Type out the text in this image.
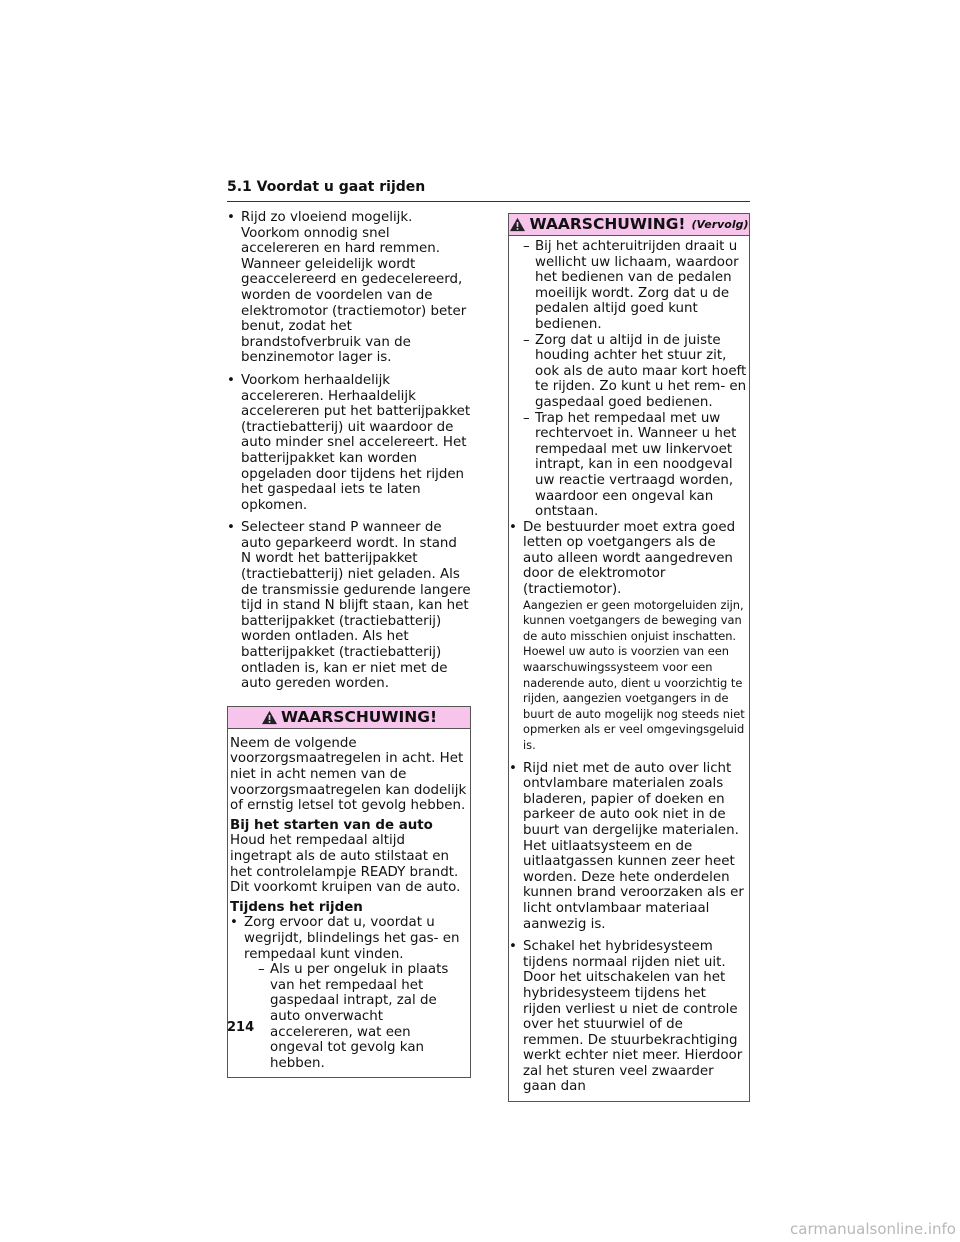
5.1 Voordat u gaat rijden
• Rijd zo vloeiend mogelijk. Voorkom onnodig snel accelereren en hard remmen. Wanneer geleidelijk wordt geaccelereerd en gedecelereerd, worden de voordelen van de elektromotor (tractiemotor) beter benut, zodat het brandstofverbruik van de benzinemotor lager is.
• Voorkom herhaaldelijk accelereren. Herhaaldelijk accelereren put het batterijpakket (tractiebatterij) uit waardoor de auto minder snel accelereert. Het batterijpakket kan worden opgeladen door tijdens het rijden het gaspedaal iets te laten opkomen.
• Selecteer stand P wanneer de auto geparkeerd wordt. In stand N wordt het batterijpakket (tractiebatterij) niet geladen. Als de transmissie gedurende langere tijd in stand N blijft staan, kan het batterijpakket (tractiebatterij) worden ontladen. Als het batterijpakket (tractiebatterij) ontladen is, kan er niet met de auto gereden worden.
WAARSCHUWING!
Neem de volgende voorzorgsmaatregelen in acht. Het niet in acht nemen van de voorzorgsmaatregelen kan dodelijk of ernstig letsel tot gevolg hebben.
Bij het starten van de auto
Houd het rempedaal altijd ingetrapt als de auto stilstaat en het controlelampje READY brandt. Dit voorkomt kruipen van de auto.
Tijdens het rijden
• Zorg ervoor dat u, voordat u wegrijdt, blindelings het gas- en rempedaal kunt vinden.
– Als u per ongeluk in plaats van het rempedaal het gaspedaal intrapt, zal de auto onverwacht accelereren, wat een ongeval tot gevolg kan hebben.
WAARSCHUWING! (Vervolg)
– Bij het achteruitrijden draait u wellicht uw lichaam, waardoor het bedienen van de pedalen moeilijk wordt. Zorg dat u de pedalen altijd goed kunt bedienen.
– Zorg dat u altijd in de juiste houding achter het stuur zit, ook als de auto maar kort hoeft te rijden. Zo kunt u het rem- en gaspedaal goed bedienen.
– Trap het rempedaal met uw rechtervoet in. Wanneer u het rempedaal met uw linkervoet intrapt, kan in een noodgeval uw reactie vertraagd worden, waardoor een ongeval kan ontstaan.
• De bestuurder moet extra goed letten op voetgangers als de auto alleen wordt aangedreven door de elektromotor (tractiemotor).
Aangezien er geen motorgeluiden zijn, kunnen voetgangers de beweging van de auto misschien onjuist inschatten. Hoewel uw auto is voorzien van een waarschuwingssysteem voor een naderende auto, dient u voorzichtig te rijden, aangezien voetgangers in de buurt de auto mogelijk nog steeds niet opmerken als er veel omgevingsgeluid is.
• Rijd niet met de auto over licht ontvlambare materialen zoals bladeren, papier of doeken en parkeer de auto ook niet in de buurt van dergelijke materialen. Het uitlaatsysteem en de uitlaatgassen kunnen zeer heet worden. Deze hete onderdelen kunnen brand veroorzaken als er licht ontvlambaar materiaal aanwezig is.
• Schakel het hybridesysteem tijdens normaal rijden niet uit. Door het uitschakelen van het hybridesysteem tijdens het rijden verliest u niet de controle over het stuurwiel of de remmen. De stuurbekrachtiging werkt echter niet meer. Hierdoor zal het sturen veel zwaarder gaan dan
214
carmanualsonline.info
